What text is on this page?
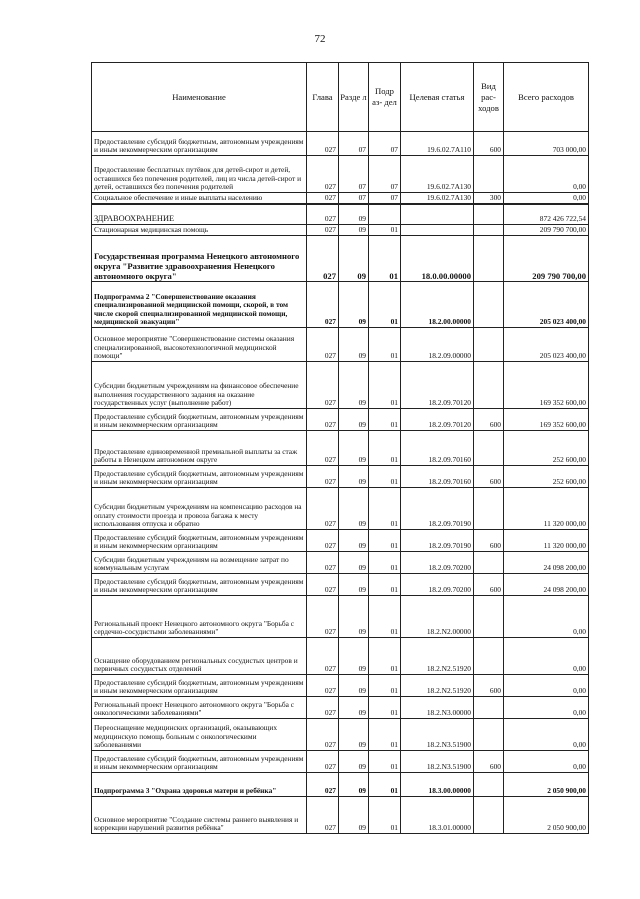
72
Наименование	Глава	Разде л	Подр аз- дел	Целевая статья	Вид рас- ходов	Всего расходов
Предоставление субсидий бюджетным, автономным учреждениям и иным некоммерческим организациям	027	07	07	19.6.02.7А110	600	703 000,00
Предоставление бесплатных путёвок для детей-сирот и детей, оставшихся без попечения родителей, лиц из числа детей-сирот и детей, оставшихся без попечения родителей	027	07	07	19.6.02.7А130		0,00
Социальное обеспечение и иные выплаты населению	027	07	07	19.6.02.7А130	300	0,00
ЗДРАВООХРАНЕНИЕ	027	09				872 426 722,54
Стационарная медицинская помощь	027	09	01			209 790 700,00
Государственная программа Ненецкого автономного округа "Развитие здравоохранения Ненецкого автономного округа"	027	09	01	18.0.00.00000		209 790 700,00
Подпрограмма 2 "Совершенствование оказания специализированной медицинской помощи, скорой, в том числе скорой специализированной медицинской помощи, медицинской эвакуации"	027	09	01	18.2.00.00000		205 023 400,00
Основное мероприятие "Совершенствование системы оказания специализированной, высокотехнологичной медицинской помощи"	027	09	01	18.2.09.00000		205 023 400,00
Субсидии бюджетным учреждениям на финансовое обеспечение выполнения государственного задания на оказание государственных услуг (выполнение работ)	027	09	01	18.2.09.70120		169 352 600,00
Предоставление субсидий бюджетным, автономным учреждениям и иным некоммерческим организациям	027	09	01	18.2.09.70120	600	169 352 600,00
Предоставление единовременной премиальной выплаты за стаж работы в Ненецком автономном округе	027	09	01	18.2.09.70160		252 600,00
Предоставление субсидий бюджетным, автономным учреждениям и иным некоммерческим организациям	027	09	01	18.2.09.70160	600	252 600,00
Субсидии бюджетным учреждениям на компенсацию расходов на оплату стоимости проезда и провоза багажа к месту использования отпуска и обратно	027	09	01	18.2.09.70190		11 320 000,00
Предоставление субсидий бюджетным, автономным учреждениям и иным некоммерческим организациям	027	09	01	18.2.09.70190	600	11 320 000,00
Субсидии бюджетным учреждениям на возмещение затрат по коммунальным услугам	027	09	01	18.2.09.70200		24 098 200,00
Предоставление субсидий бюджетным, автономным учреждениям и иным некоммерческим организациям	027	09	01	18.2.09.70200	600	24 098 200,00
Региональный проект Ненецкого автономного округа "Борьба с сердечно-сосудистыми заболеваниями"	027	09	01	18.2.N2.00000		0,00
Оснащение оборудованием региональных сосудистых центров и первичных сосудистых отделений	027	09	01	18.2.N2.51920		0,00
Предоставление субсидий бюджетным, автономным учреждениям и иным некоммерческим организациям	027	09	01	18.2.N2.51920	600	0,00
Региональный проект Ненецкого автономного округа "Борьба с онкологическими заболеваниями"	027	09	01	18.2.N3.00000		0,00
Переоснащение медицинских организаций, оказывающих медицинскую помощь больным с онкологическими заболеваниями	027	09	01	18.2.N3.51900		0,00
Предоставление субсидий бюджетным, автономным учреждениям и иным некоммерческим организациям	027	09	01	18.2.N3.51900	600	0,00
Подпрограмма 3 "Охрана здоровья матери и ребёнка"	027	09	01	18.3.00.00000		2 050 900,00
Основное мероприятие "Создание системы раннего выявления и коррекции нарушений развития ребёнка"	027	09	01	18.3.01.00000		2 050 900,00
